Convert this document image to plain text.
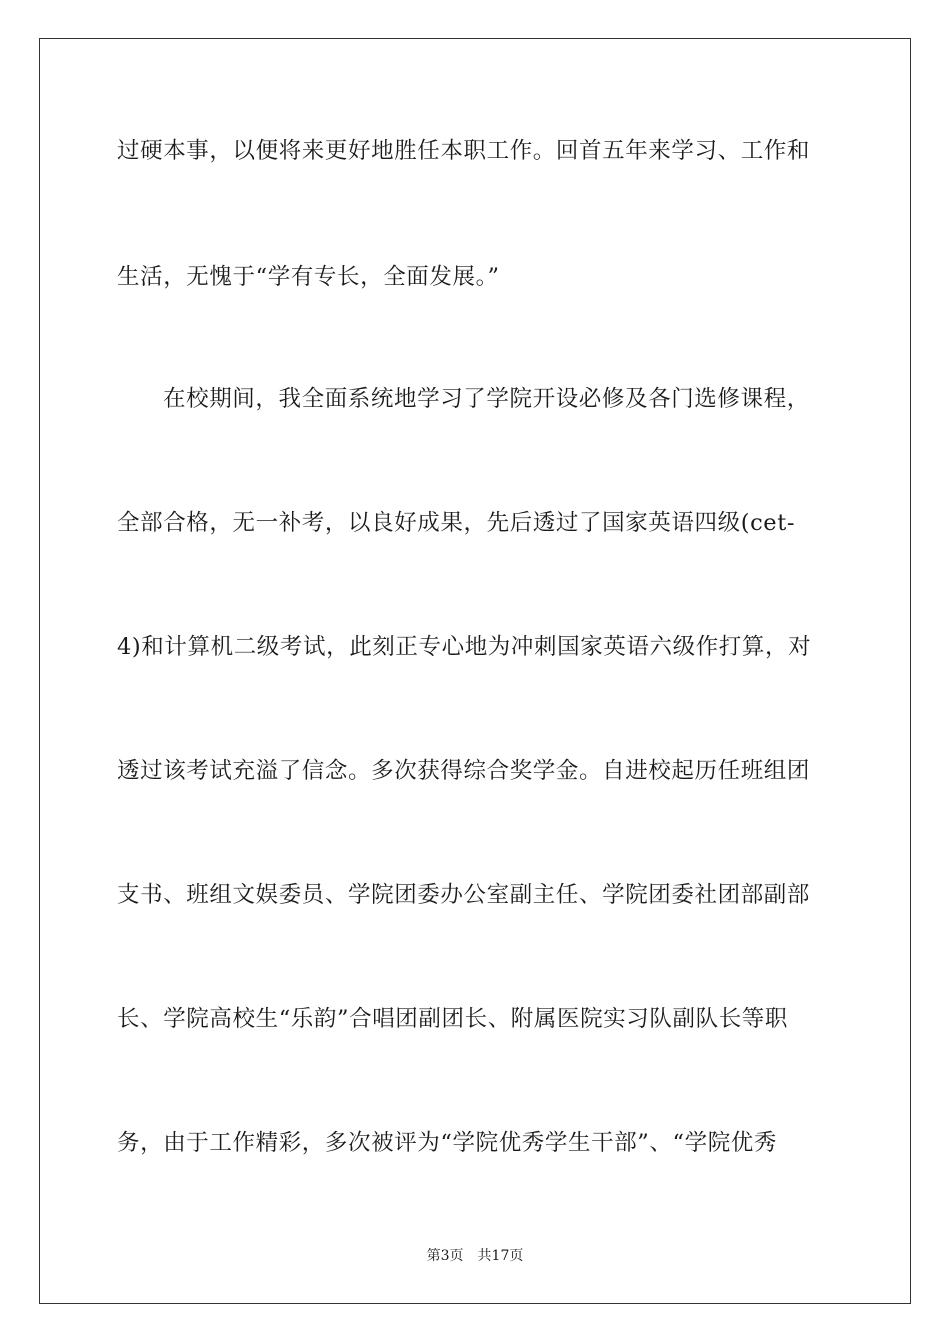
过硬本事，以便将来更好地胜任本职工作。回首五年来学习、工作和
生活，无愧于“学有专长，全面发展。”
在校期间，我全面系统地学习了学院开设必修及各门选修课程，
全部合格，无一补考，以良好成果，先后透过了国家英语四级(cet-
4)和计算机二级考试，此刻正专心地为冲刺国家英语六级作打算，对
透过该考试充溢了信念。多次获得综合奖学金。自进校起历任班组团
支书、班组文娱委员、学院团委办公室副主任、学院团委社团部副部
长、学院高校生“乐韵”合唱团副团长、附属医院实习队副队长等职
务，由于工作精彩，多次被评为“学院优秀学生干部”、“学院优秀
第3页 共17页
